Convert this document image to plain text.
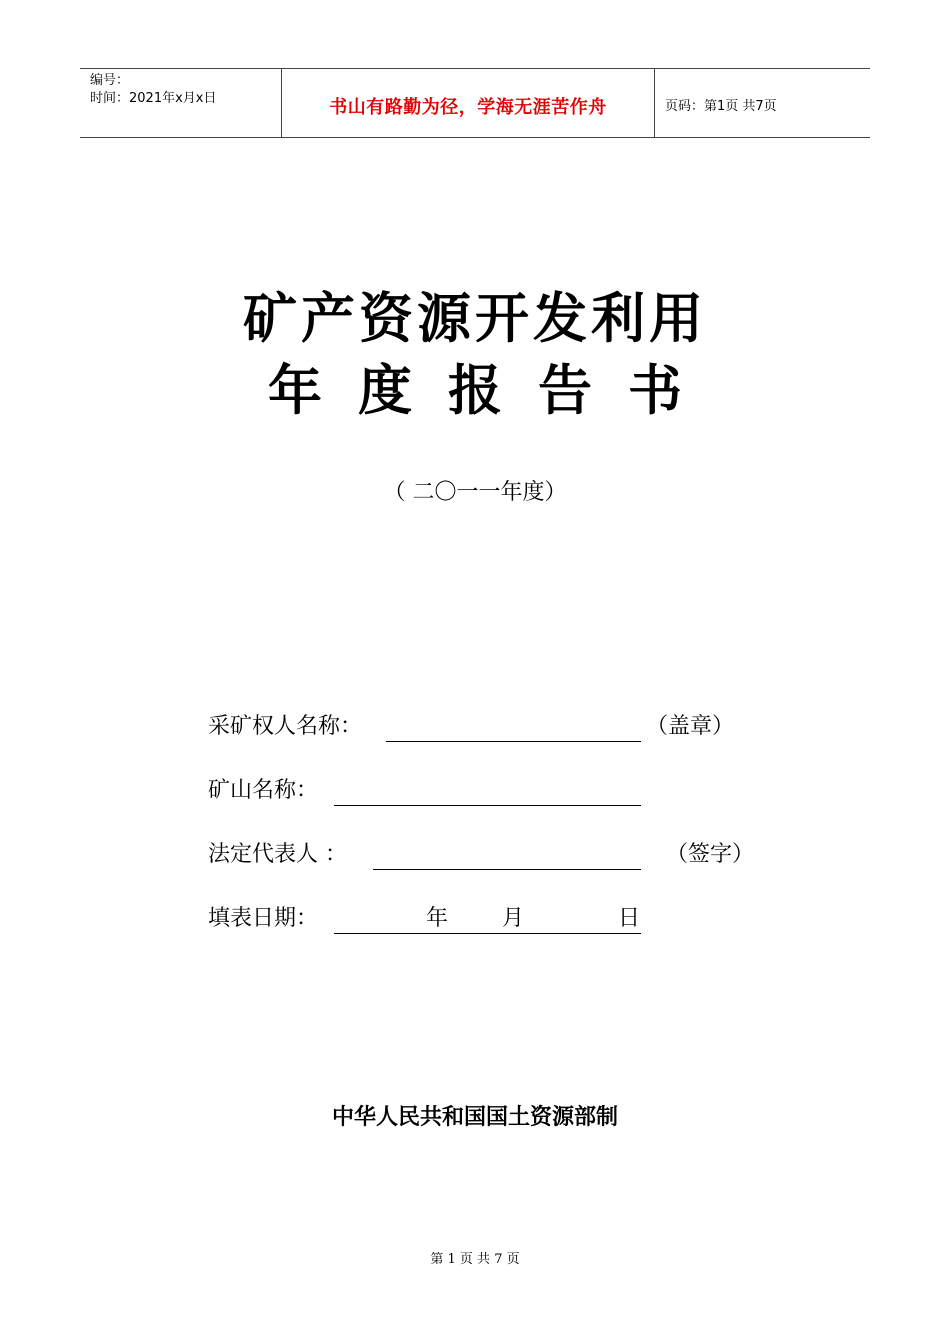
编号：
时间：2021年x月x日	书山有路勤为径，学海无涯苦作舟	页码：第1页 共7页
矿产资源开发利用
年度报告书
（ 二〇一一年度）
采矿权人名称：	（盖章）
矿山名称：
法定代表人 ：	（签字）
填表日期：	年 月	日
中华人民共和国国土资源部制
第 1 页 共 7 页
